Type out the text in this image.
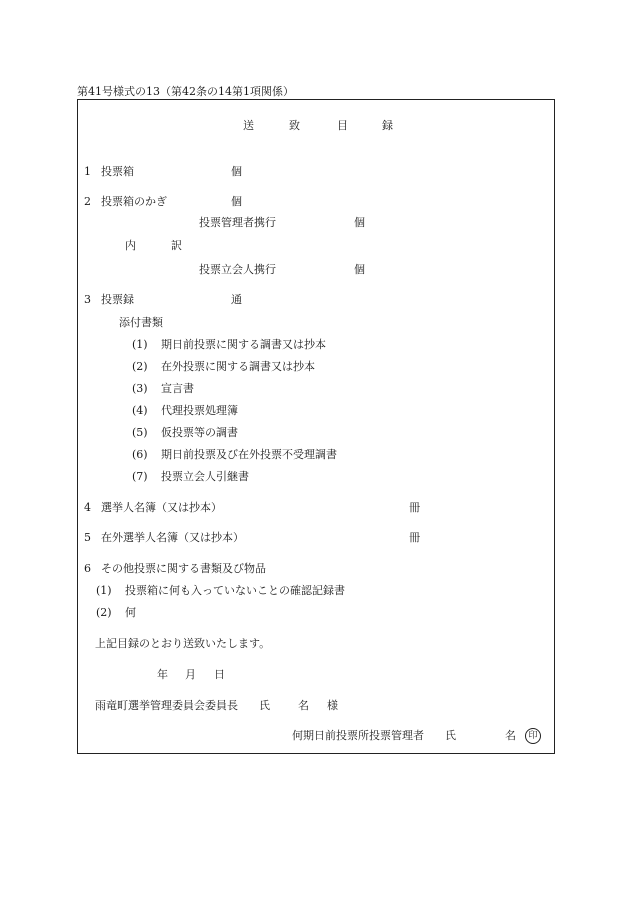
第41号様式の13（第42条の14第1項関係）
送	致	目	録
1 投票箱	個
2 投票箱のかぎ	個
投票管理者携行	個
内	訳
投票立会人携行	個
3 投票録	通
添付書類
(1) 期日前投票に関する調書又は抄本
(2) 在外投票に関する調書又は抄本
(3) 宣言書
(4) 代理投票処理簿
(5) 仮投票等の調書
(6) 期日前投票及び在外投票不受理調書
(7) 投票立会人引継書
4 選挙人名簿（又は抄本）	冊
5 在外選挙人名簿（又は抄本）	冊
6 その他投票に関する書類及び物品
(1) 投票箱に何も入っていないことの確認記録書
(2) 何
上記目録のとおり送致いたします。
年 月 日
雨竜町選挙管理委員会委員長 氏	名 様
何期日前投票所投票管理者 氏	名	印
